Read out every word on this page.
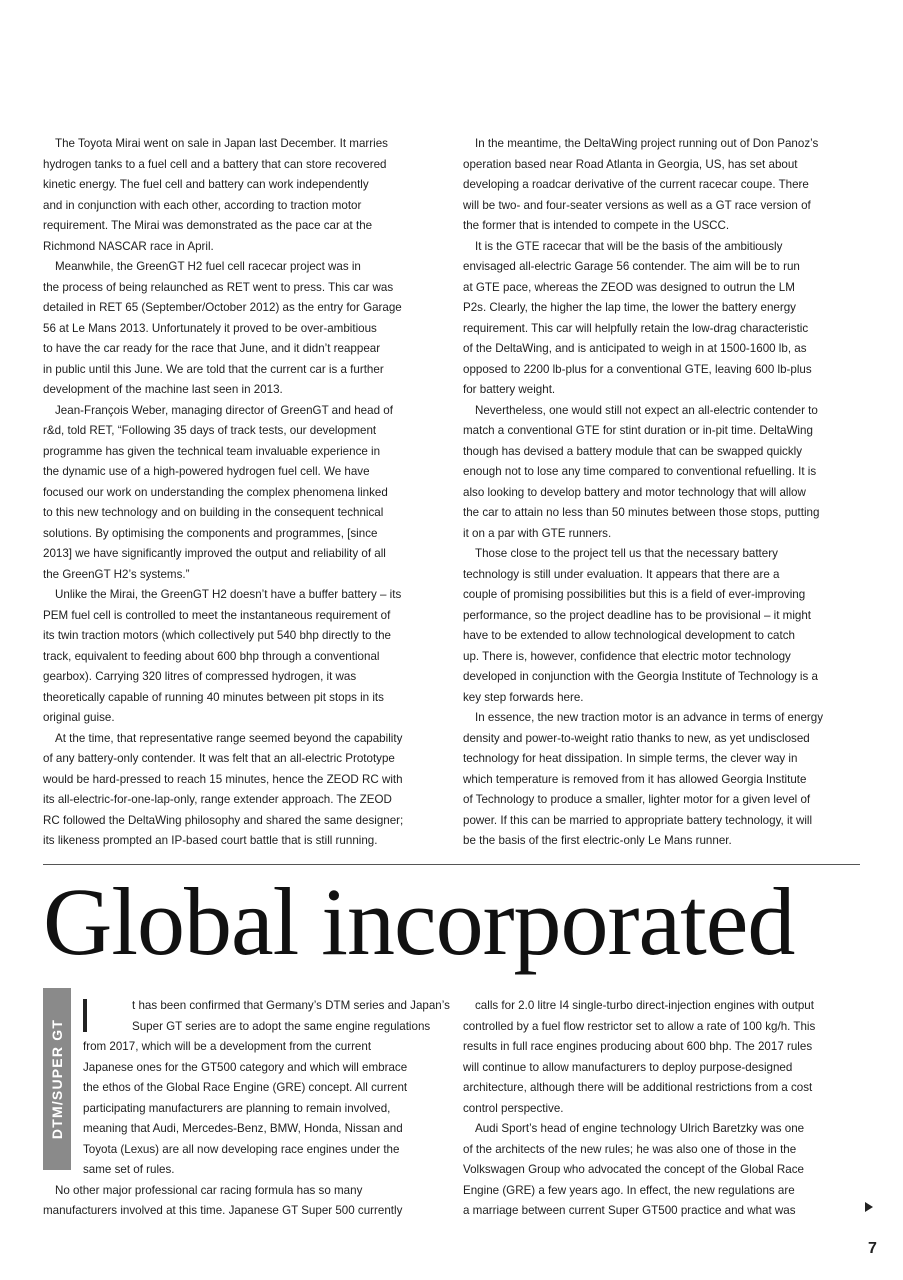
The Toyota Mirai went on sale in Japan last December. It marries
hydrogen tanks to a fuel cell and a battery that can store recovered
kinetic energy. The fuel cell and battery can work independently
and in conjunction with each other, according to traction motor
requirement. The Mirai was demonstrated as the pace car at the
Richmond NASCAR race in April.

Meanwhile, the GreenGT H2 fuel cell racecar project was in
the process of being relaunched as RET went to press. This car was
detailed in RET 65 (September/October 2012) as the entry for Garage
56 at Le Mans 2013. Unfortunately it proved to be over-ambitious
to have the car ready for the race that June, and it didn’t reappear
in public until this June. We are told that the current car is a further
development of the machine last seen in 2013.

Jean-François Weber, managing director of GreenGT and head of
r&d, told RET, “Following 35 days of track tests, our development
programme has given the technical team invaluable experience in
the dynamic use of a high-powered hydrogen fuel cell. We have
focused our work on understanding the complex phenomena linked
to this new technology and on building in the consequent technical
solutions. By optimising the components and programmes, [since
2013] we have significantly improved the output and reliability of all
the GreenGT H2’s systems.”

Unlike the Mirai, the GreenGT H2 doesn’t have a buffer battery – its
PEM fuel cell is controlled to meet the instantaneous requirement of
its twin traction motors (which collectively put 540 bhp directly to the
track, equivalent to feeding about 600 bhp through a conventional
gearbox). Carrying 320 litres of compressed hydrogen, it was
theoretically capable of running 40 minutes between pit stops in its
original guise.

At the time, that representative range seemed beyond the capability
of any battery-only contender. It was felt that an all-electric Prototype
would be hard-pressed to reach 15 minutes, hence the ZEOD RC with
its all-electric-for-one-lap-only, range extender approach. The ZEOD
RC followed the DeltaWing philosophy and shared the same designer;
its likeness prompted an IP-based court battle that is still running.

In the meantime, the DeltaWing project running out of Don Panoz’s
operation based near Road Atlanta in Georgia, US, has set about
developing a roadcar derivative of the current racecar coupe. There
will be two- and four-seater versions as well as a GT race version of
the former that is intended to compete in the USCC.

It is the GTE racecar that will be the basis of the ambitiously
envisaged all-electric Garage 56 contender. The aim will be to run
at GTE pace, whereas the ZEOD was designed to outrun the LM
P2s. Clearly, the higher the lap time, the lower the battery energy
requirement. This car will helpfully retain the low-drag characteristic
of the DeltaWing, and is anticipated to weigh in at 1500-1600 lb, as
opposed to 2200 lb-plus for a conventional GTE, leaving 600 lb-plus
for battery weight.

Nevertheless, one would still not expect an all-electric contender to
match a conventional GTE for stint duration or in-pit time. DeltaWing
though has devised a battery module that can be swapped quickly
enough not to lose any time compared to conventional refuelling. It is
also looking to develop battery and motor technology that will allow
the car to attain no less than 50 minutes between those stops, putting
it on a par with GTE runners.

Those close to the project tell us that the necessary battery
technology is still under evaluation. It appears that there are a
couple of promising possibilities but this is a field of ever-improving
performance, so the project deadline has to be provisional – it might
have to be extended to allow technological development to catch
up. There is, however, confidence that electric motor technology
developed in conjunction with the Georgia Institute of Technology is a
key step forwards here.

In essence, the new traction motor is an advance in terms of energy
density and power-to-weight ratio thanks to new, as yet undisclosed
technology for heat dissipation. In simple terms, the clever way in
which temperature is removed from it has allowed Georgia Institute
of Technology to produce a smaller, lighter motor for a given level of
power. If this can be married to appropriate battery technology, it will
be the basis of the first electric-only Le Mans runner.

Global incorporated
DTM/SUPER GT

t has been confirmed that Germany’s DTM series and Japan’s
Super GT series are to adopt the same engine regulations
from 2017, which will be a development from the current
Japanese ones for the GT500 category and which will embrace
the ethos of the Global Race Engine (GRE) concept. All current
participating manufacturers are planning to remain involved,
meaning that Audi, Mercedes-Benz, BMW, Honda, Nissan and
Toyota (Lexus) are all now developing race engines under the
same set of rules.

No other major professional car racing formula has so many
manufacturers involved at this time. Japanese GT Super 500 currently

calls for 2.0 litre I4 single-turbo direct-injection engines with output
controlled by a fuel flow restrictor set to allow a rate of 100 kg/h. This
results in full race engines producing about 600 bhp. The 2017 rules
will continue to allow manufacturers to deploy purpose-designed
architecture, although there will be additional restrictions from a cost
control perspective.

Audi Sport’s head of engine technology Ulrich Baretzky was one
of the architects of the new rules; he was also one of those in the
Volkswagen Group who advocated the concept of the Global Race
Engine (GRE) a few years ago. In effect, the new regulations are
a marriage between current Super GT500 practice and what was

7
